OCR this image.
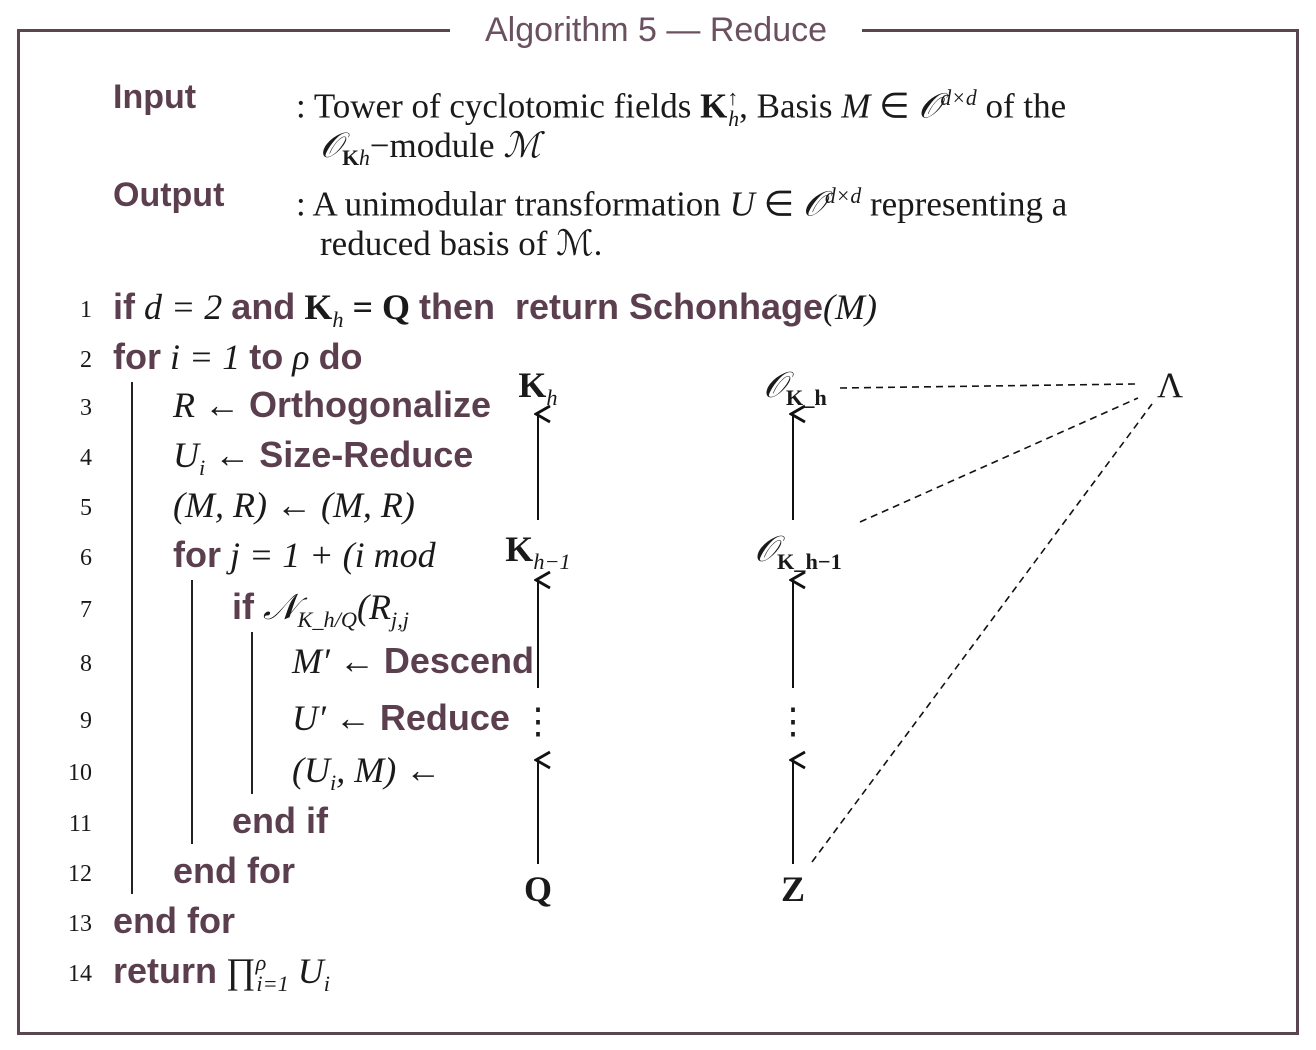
Algorithm 5 — Reduce
Input	: Tower of cyclotomic fields $K^↑_h$, Basis M ∈ 𝒪$^{d\times d}$ of the
𝒪$_{Kh}$−module ℳ
Output : A unimodular transformation U ∈ 𝒪$^{d\times d}$ representing a
reduced basis of ℳ.
1
2
3
4
5
6
7
8
9
10
11
12
13
14
if d = 2 and $K_h = Q$ then  return Schonhage(M)
for i = 1 to ρ do
R ← Orthogonalize
$U_i$ ← Size-Reduce
(M, R) ← (M, R)
for j = 1 + (i mod
if $𝒩_{K\_h/Q}(R_{j,j}$
M′ ← Descend
U′ ← Reduce
($U_i$, M) ←
end if
end for
end for
return ∏$^\rho_{i=1}$ $U_i$
$K_h$
$K_{h-1}$
⋮
Q
𝒪$_{K\_h}$
𝒪$_{K\_h-1}$
⋮
Z
Λ
